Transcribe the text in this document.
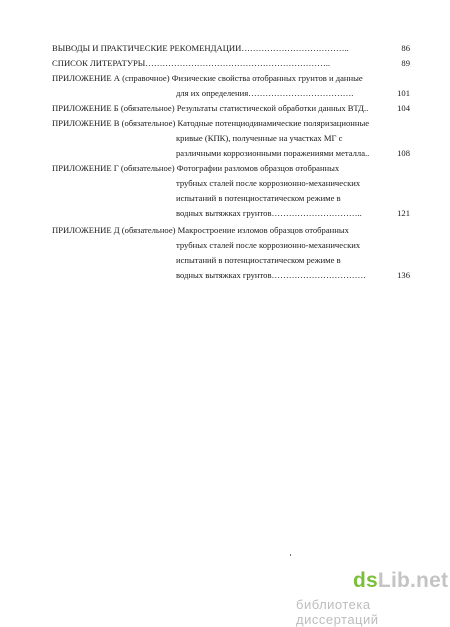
ВЫВОДЫ И ПРАКТИЧЕСКИЕ РЕКОМЕНДАЦИИ………………………………..	86
СПИСОК ЛИТЕРАТУРЫ………………………………………………………..	89
ПРИЛОЖЕНИЕ А (справочное) Физические свойства отобранных грунтов и данные
для их определения……………………………….	101
ПРИЛОЖЕНИЕ Б (обязательное) Результаты статистической обработки данных ВТД..	104
ПРИЛОЖЕНИЕ В (обязательное) Катодные потенциодинамические поляризационные
кривые (КПК), полученные на участках МГ с
различными коррозионными поражениями металла..	108
ПРИЛОЖЕНИЕ Г (обязательное) Фотографии разломов образцов отобранных
трубных сталей после коррозионно-механических
испытаний в потенциостатическом режиме в
водных вытяжках грунтов…………………………..	121
ПРИЛОЖЕНИЕ Д (обязательное) Макростроение изломов образцов отобранных
трубных сталей после коррозионно-механических
испытаний в потенциостатическом режиме в
водных вытяжках грунтов……………………………	136
dsLib.net
библиотека диссертаций
